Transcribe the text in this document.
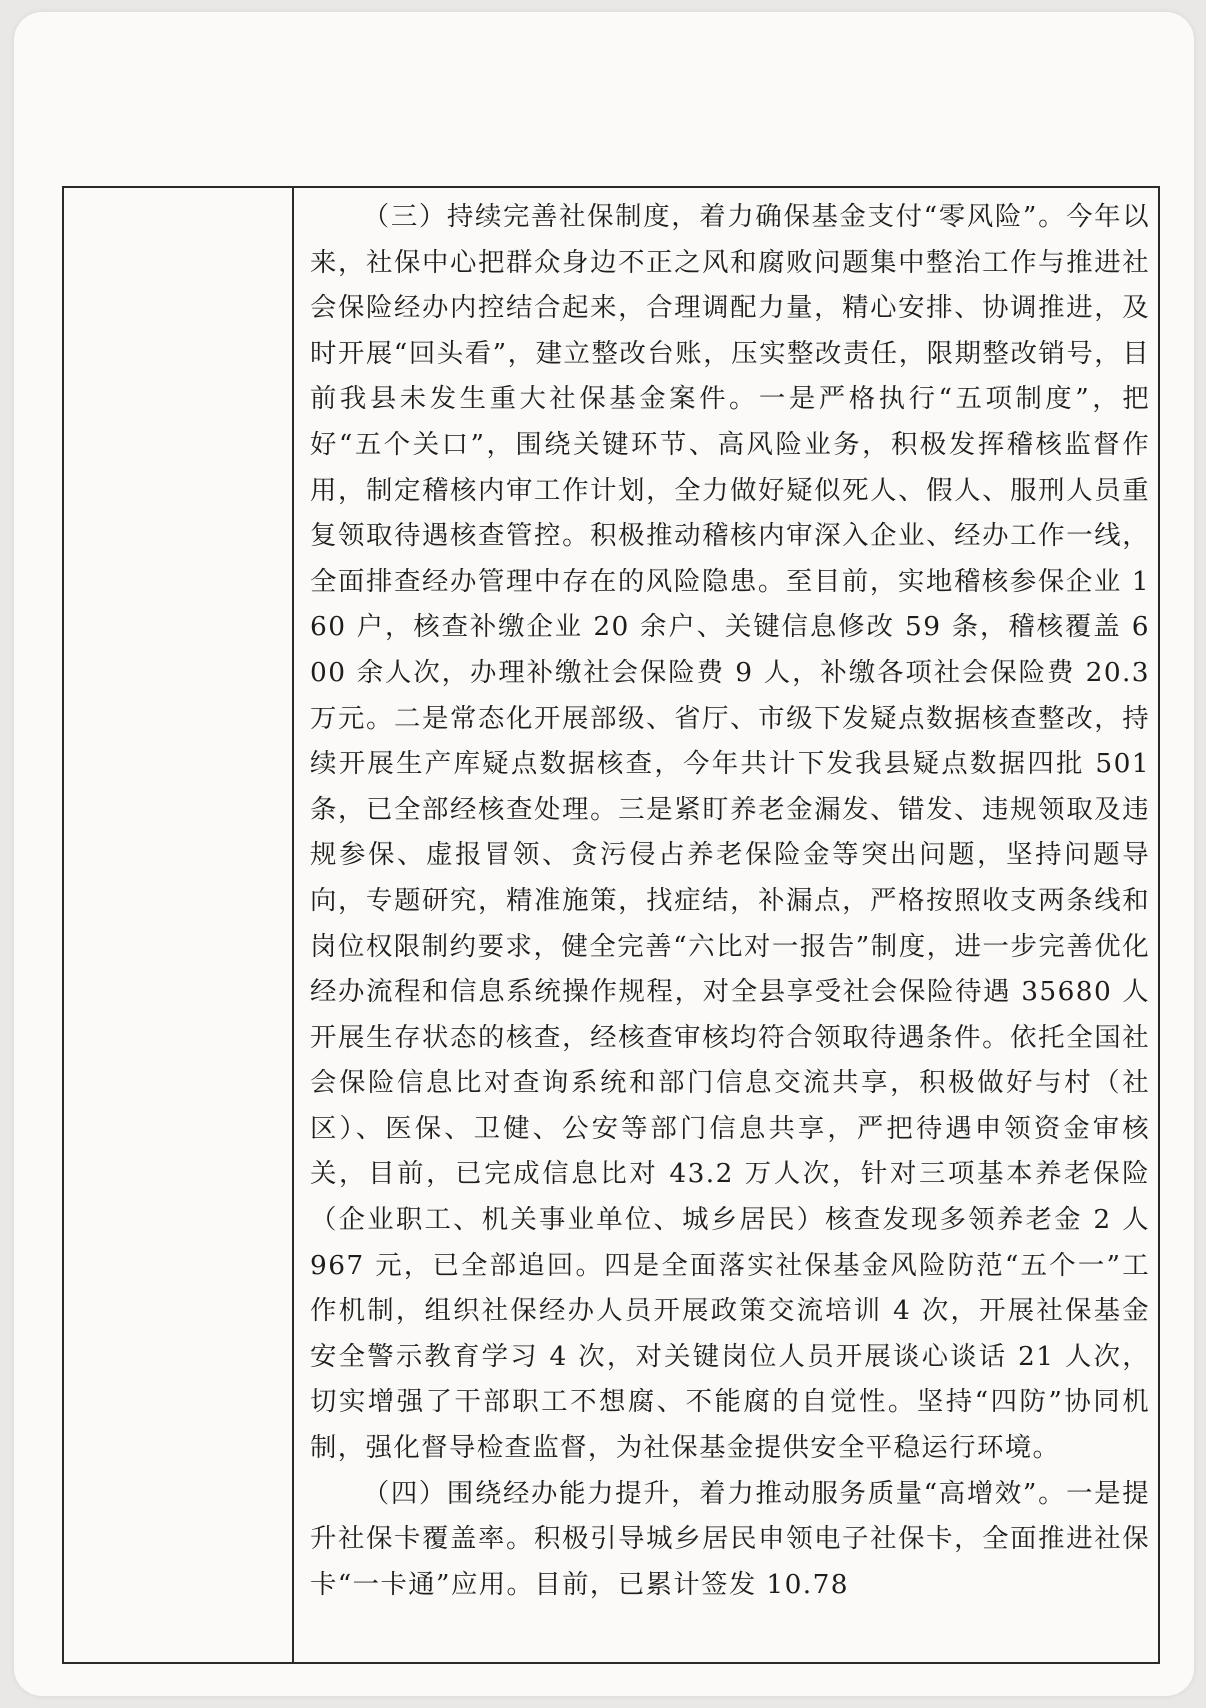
（三）持续完善社保制度，着力确保基金支付“零风险”。今年以来，社保中心把群众身边不正之风和腐败问题集中整治工作与推进社会保险经办内控结合起来，合理调配力量，精心安排、协调推进，及时开展“回头看”，建立整改台账，压实整改责任，限期整改销号，目前我县未发生重大社保基金案件。一是严格执行“五项制度”，把好“五个关口”，围绕关键环节、高风险业务，积极发挥稽核监督作用，制定稽核内审工作计划，全力做好疑似死人、假人、服刑人员重复领取待遇核查管控。积极推动稽核内审深入企业、经办工作一线，全面排查经办管理中存在的风险隐患。至目前，实地稽核参保企业 160 户，核查补缴企业 20 余户、关键信息修改 59 条，稽核覆盖 600 余人次，办理补缴社会保险费 9 人，补缴各项社会保险费 20.3 万元。二是常态化开展部级、省厅、市级下发疑点数据核查整改，持续开展生产库疑点数据核查，今年共计下发我县疑点数据四批 501 条，已全部经核查处理。三是紧盯养老金漏发、错发、违规领取及违规参保、虚报冒领、贪污侵占养老保险金等突出问题，坚持问题导向，专题研究，精准施策，找症结，补漏点，严格按照收支两条线和岗位权限制约要求，健全完善“六比对一报告”制度，进一步完善优化经办流程和信息系统操作规程，对全县享受社会保险待遇 35680 人开展生存状态的核查，经核查审核均符合领取待遇条件。依托全国社会保险信息比对查询系统和部门信息交流共享，积极做好与村（社区）、医保、卫健、公安等部门信息共享，严把待遇申领资金审核关，目前，已完成信息比对 43.2 万人次，针对三项基本养老保险（企业职工、机关事业单位、城乡居民）核查发现多领养老金 2 人 967 元，已全部追回。四是全面落实社保基金风险防范“五个一”工作机制，组织社保经办人员开展政策交流培训 4 次，开展社保基金安全警示教育学习 4 次，对关键岗位人员开展谈心谈话 21 人次，切实增强了干部职工不想腐、不能腐的自觉性。坚持“四防”协同机制，强化督导检查监督，为社保基金提供安全平稳运行环境。

（四）围绕经办能力提升，着力推动服务质量“高增效”。一是提升社保卡覆盖率。积极引导城乡居民申领电子社保卡，全面推进社保卡“一卡通”应用。目前，已累计签发 10.78
